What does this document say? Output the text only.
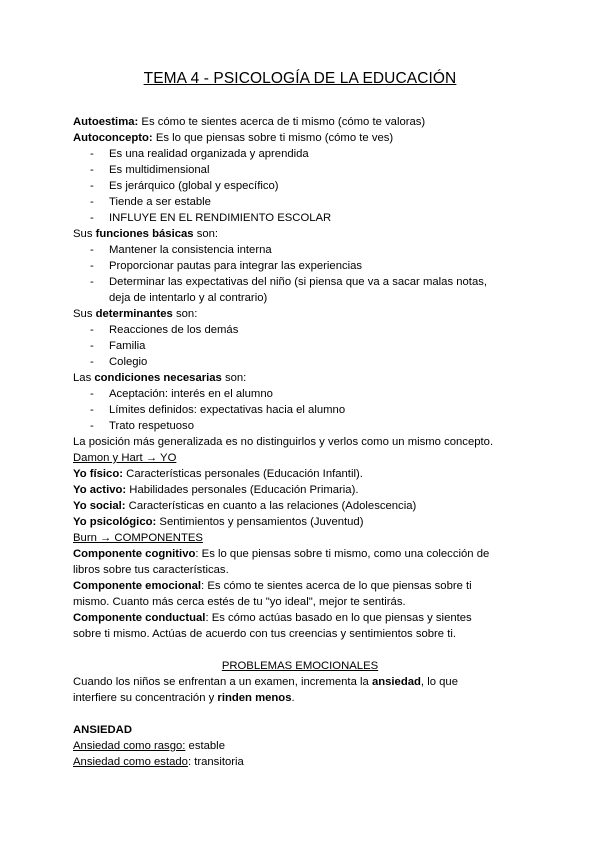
TEMA 4 - PSICOLOGÍA DE LA EDUCACIÓN
Autoestima: Es cómo te sientes acerca de ti mismo (cómo te valoras)
Autoconcepto: Es lo que piensas sobre ti mismo (cómo te ves)
- Es una realidad organizada y aprendida
- Es multidimensional
- Es jerárquico (global y específico)
- Tiende a ser estable
- INFLUYE EN EL RENDIMIENTO ESCOLAR
Sus funciones básicas son:
- Mantener la consistencia interna
- Proporcionar pautas para integrar las experiencias
- Determinar las expectativas del niño (si piensa que va a sacar malas notas,
deja de intentarlo y al contrario)
Sus determinantes son:
- Reacciones de los demás
- Familia
- Colegio
Las condiciones necesarias son:
- Aceptación: interés en el alumno
- Límites definidos: expectativas hacia el alumno
- Trato respetuoso
La posición más generalizada es no distinguirlos y verlos como un mismo concepto.
Damon y Hart → YO
Yo físico: Características personales (Educación Infantil).
Yo activo: Habilidades personales (Educación Primaria).
Yo social: Características en cuanto a las relaciones (Adolescencia)
Yo psicológico: Sentimientos y pensamientos (Juventud)
Burn → COMPONENTES
Componente cognitivo: Es lo que piensas sobre ti mismo, como una colección de
libros sobre tus características.
Componente emocional: Es cómo te sientes acerca de lo que piensas sobre ti
mismo. Cuanto más cerca estés de tu "yo ideal", mejor te sentirás.
Componente conductual: Es cómo actúas basado en lo que piensas y sientes
sobre ti mismo. Actúas de acuerdo con tus creencias y sentimientos sobre ti.
PROBLEMAS EMOCIONALES
Cuando los niños se enfrentan a un examen, incrementa la ansiedad, lo que
interfiere su concentración y rinden menos.
ANSIEDAD
Ansiedad como rasgo: estable
Ansiedad como estado: transitoria
